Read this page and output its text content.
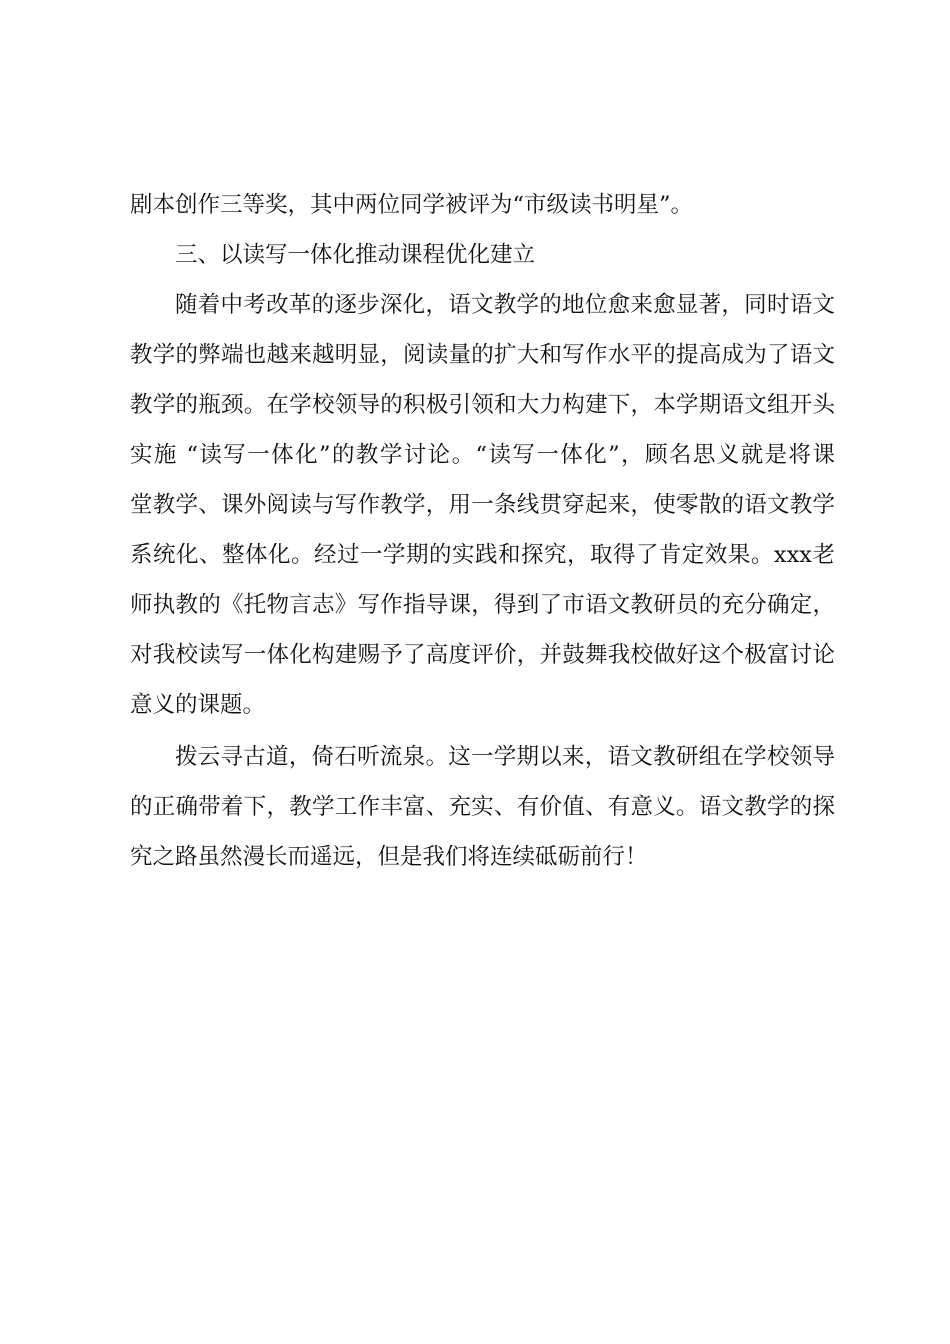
剧本创作三等奖，其中两位同学被评为“市级读书明星”。
三、以读写一体化推动课程优化建立
随着中考改革的逐步深化，语文教学的地位愈来愈显著，同时语文
教学的弊端也越来越明显，阅读量的扩大和写作水平的提高成为了语文
教学的瓶颈。在学校领导的积极引领和大力构建下，本学期语文组开头
实施 “读写一体化”的教学讨论。“读写一体化”，顾名思义就是将课
堂教学、课外阅读与写作教学，用一条线贯穿起来，使零散的语文教学
系统化、整体化。经过一学期的实践和探究，取得了肯定效果。xxx老
师执教的《托物言志》写作指导课，得到了市语文教研员的充分确定，
对我校读写一体化构建赐予了高度评价，并鼓舞我校做好这个极富讨论
意义的课题。
拨云寻古道，倚石听流泉。这一学期以来，语文教研组在学校领导
的正确带着下，教学工作丰富、充实、有价值、有意义。语文教学的探
究之路虽然漫长而遥远，但是我们将连续砥砺前行！
